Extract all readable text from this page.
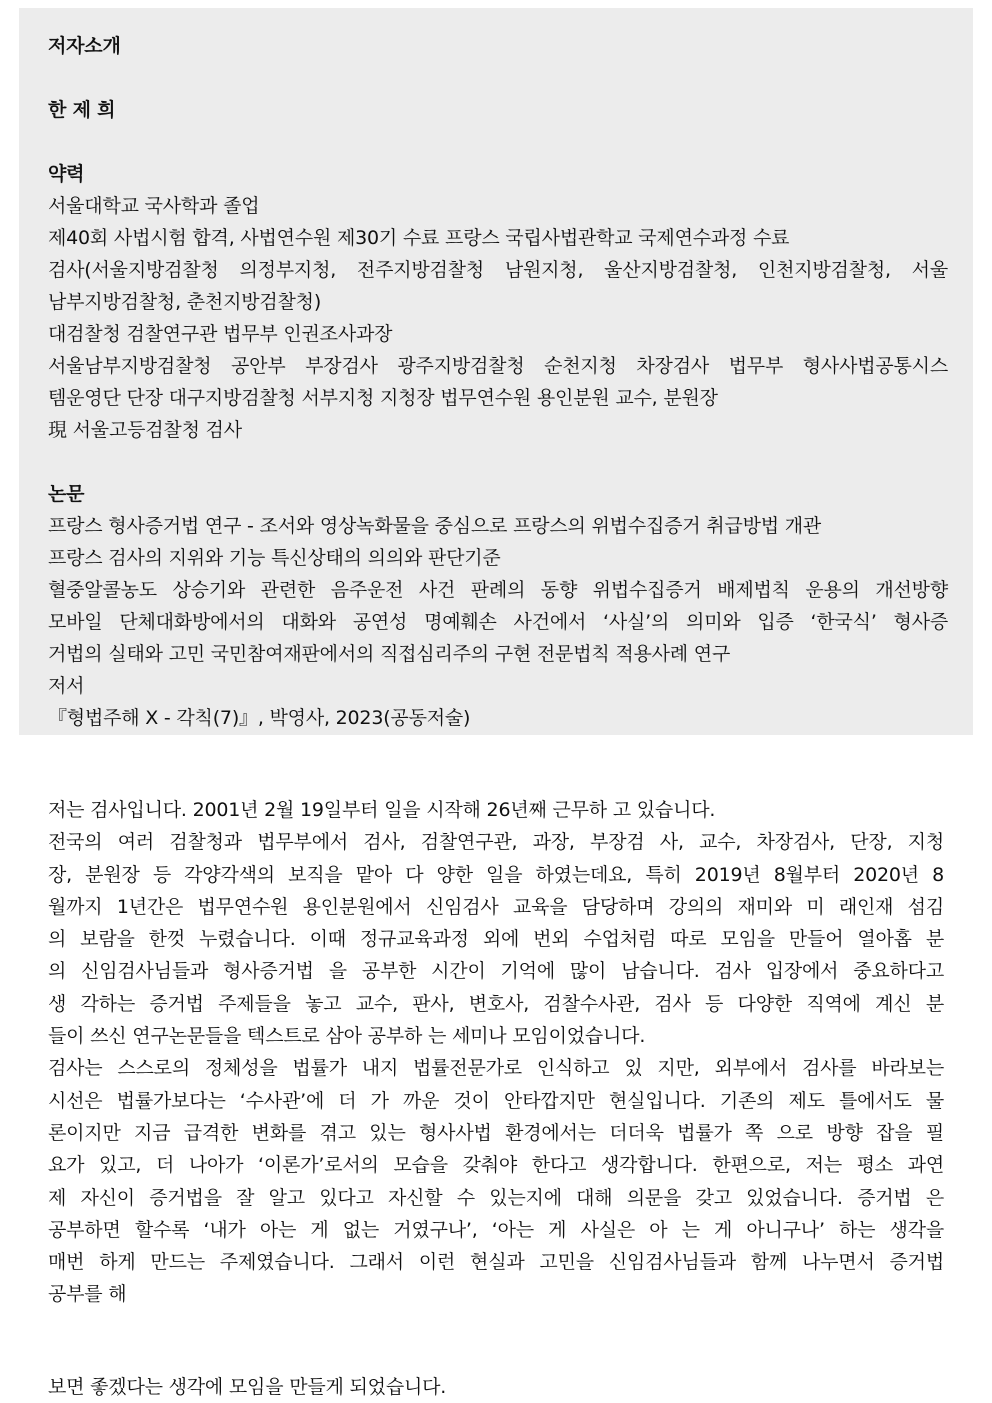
저자소개
한 제 희
약력
서울대학교 국사학과 졸업
제40회 사법시험 합격, 사법연수원 제30기 수료 프랑스 국립사법관학교 국제연수과정 수료
검사(서울지방검찰청 의정부지청, 전주지방검찰청 남원지청, 울산지방검찰청, 인천지방검찰청, 서울
남부지방검찰청, 춘천지방검찰청)
대검찰청 검찰연구관 법무부 인권조사과장
서울남부지방검찰청 공안부 부장검사 광주지방검찰청 순천지청 차장검사 법무부 형사사법공통시스
템운영단 단장 대구지방검찰청 서부지청 지청장 법무연수원 용인분원 교수, 분원장
現 서울고등검찰청 검사
논문
프랑스 형사증거법 연구 - 조서와 영상녹화물을 중심으로 프랑스의 위법수집증거 취급방법 개관
프랑스 검사의 지위와 기능 특신상태의 의의와 판단기준
혈중알콜농도 상승기와 관련한 음주운전 사건 판례의 동향 위법수집증거 배제법칙 운용의 개선방향
모바일 단체대화방에서의 대화와 공연성 명예훼손 사건에서 ‘사실’의 의미와 입증 ‘한국식’ 형사증
거법의 실태와 고민 국민참여재판에서의 직접심리주의 구현 전문법칙 적용사례 연구
저서
『형법주해 Ⅹ - 각칙(7)』, 박영사, 2023(공동저술)
저는 검사입니다. 2001년 2월 19일부터 일을 시작해 26년째 근무하 고 있습니다.
전국의 여러 검찰청과 법무부에서 검사, 검찰연구관, 과장, 부장검 사, 교수, 차장검사, 단장, 지청
장, 분원장 등 각양각색의 보직을 맡아 다 양한 일을 하였는데요, 특히 2019년 8월부터 2020년 8
월까지 1년간은 법무연수원 용인분원에서 신임검사 교육을 담당하며 강의의 재미와 미 래인재 섬김
의 보람을 한껏 누렸습니다. 이때 정규교육과정 외에 번외 수업처럼 따로 모임을 만들어 열아홉 분
의 신임검사님들과 형사증거법 을 공부한 시간이 기억에 많이 남습니다. 검사 입장에서 중요하다고
생 각하는 증거법 주제들을 놓고 교수, 판사, 변호사, 검찰수사관, 검사 등 다양한 직역에 계신 분
들이 쓰신 연구논문들을 텍스트로 삼아 공부하 는 세미나 모임이었습니다.
검사는 스스로의 정체성을 법률가 내지 법률전문가로 인식하고 있 지만, 외부에서 검사를 바라보는
시선은 법률가보다는 ‘수사관’에 더 가 까운 것이 안타깝지만 현실입니다. 기존의 제도 틀에서도 물
론이지만 지금 급격한 변화를 겪고 있는 형사사법 환경에서는 더더욱 법률가 쪽 으로 방향 잡을 필
요가 있고, 더 나아가 ‘이론가’로서의 모습을 갖춰야 한다고 생각합니다. 한편으로, 저는 평소 과연
제 자신이 증거법을 잘 알고 있다고 자신할 수 있는지에 대해 의문을 갖고 있었습니다. 증거법 은
공부하면 할수록 ‘내가 아는 게 없는 거였구나’, ‘아는 게 사실은 아 는 게 아니구나’ 하는 생각을
매번 하게 만드는 주제였습니다. 그래서 이런 현실과 고민을 신임검사님들과 함께 나누면서 증거법
공부를 해
보면 좋겠다는 생각에 모임을 만들게 되었습니다.
